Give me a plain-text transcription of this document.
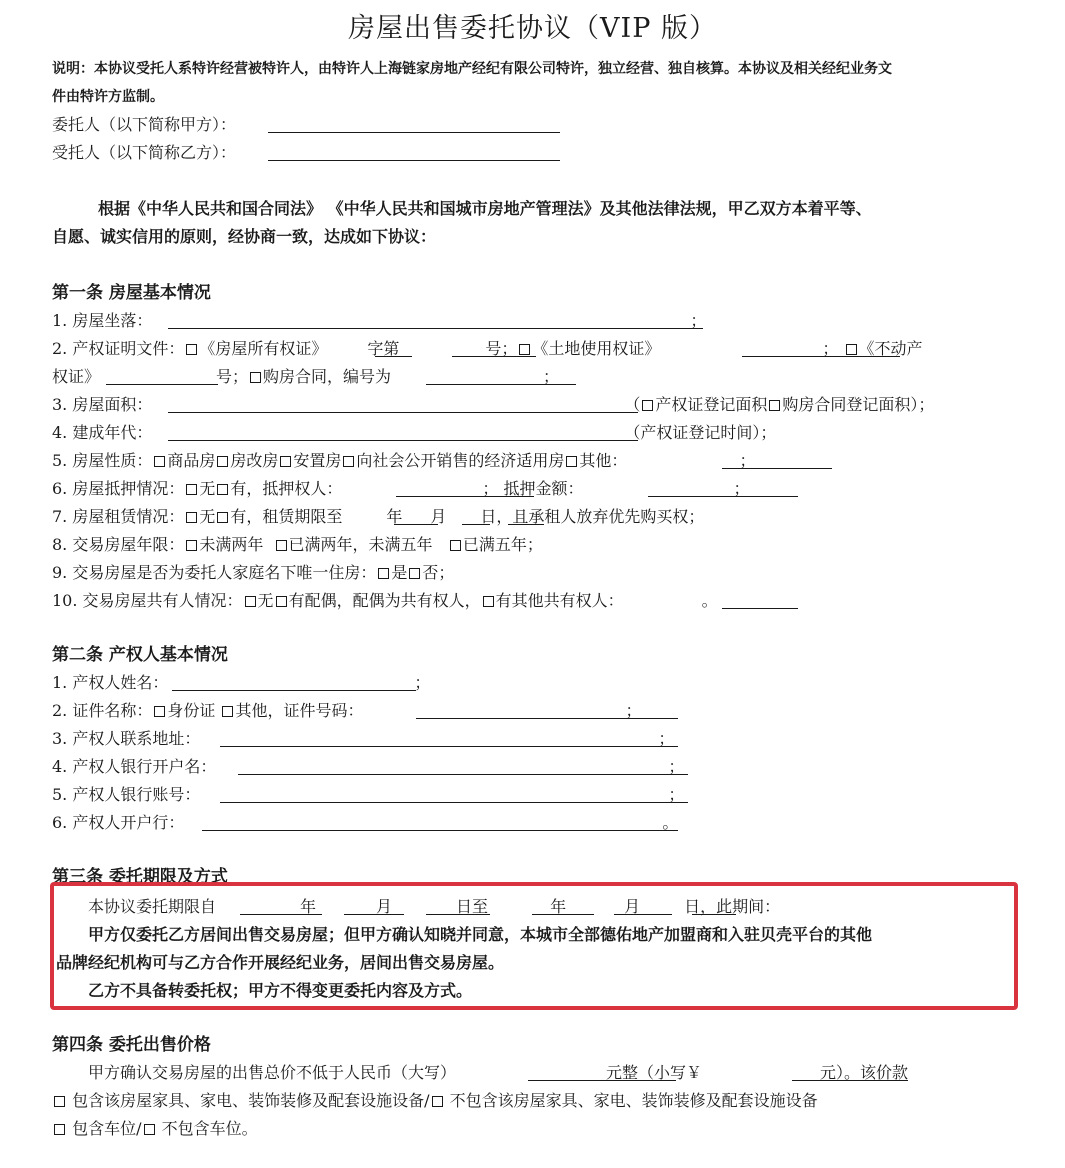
房屋出售委托协议（VIP 版）
说明：本协议受托人系特许经营被特许人，由特许人上海链家房地产经纪有限公司特许，独立经营、独自核算。本协议及相关经纪业务文
件由特许方监制。
委托人（以下简称甲方）：
受托人（以下简称乙方）：
根据《中华人民共和国合同法》 《中华人民共和国城市房地产管理法》及其他法律法规，甲乙双方本着平等、
自愿、诚实信用的原则，经协商一致，达成如下协议：
第一条 房屋基本情况
1. 房屋坐落：	；
2. 产权证明文件： 《房屋所有权证》	字第	号； 《土地使用权证》	； 《不动产
权证》	号； 购房合同，编号为	；
3. 房屋面积：	（ 产权证登记面积 购房合同登记面积）；
4. 建成年代：	（产权证登记时间）；
5. 房屋性质： 商品房 房改房 安置房 向社会公开销售的经济适用房 其他：	；
6. 房屋抵押情况： 无 有，抵押权人：	； 抵押金额：	；
7. 房屋租赁情况： 无 有，租赁期限至	年 月 日，且承租人放弃优先购买权；
8. 交易房屋年限： 未满两年 已满两年，未满五年 已满五年；
9. 交易房屋是否为委托人家庭名下唯一住房： 是 否；
10. 交易房屋共有人情况： 无 有配偶，配偶为共有权人， 有其他共有权人：	。
第二条 产权人基本情况
1. 产权人姓名：	；
2. 证件名称： 身份证 其他，证件号码：	；
3. 产权人联系地址：	；
4. 产权人银行开户名：	；
5. 产权人银行账号：	；
6. 产权人开户行：	。
第三条 委托期限及方式
本协议委托期限自	年	月	日至	年	月	日，此期间：
甲方仅委托乙方居间出售交易房屋；但甲方确认知晓并同意，本城市全部德佑地产加盟商和入驻贝壳平台的其他
品牌经纪机构可与乙方合作开展经纪业务，居间出售交易房屋。
乙方不具备转委托权；甲方不得变更委托内容及方式。
第四条 委托出售价格
甲方确认交易房屋的出售总价不低于人民币（大写）	元整（小写￥	元）。该价款
包含该房屋家具、家电、装饰装修及配套设施设备/ 不包含该房屋家具、家电、装饰装修及配套设施设备
包含车位/ 不包含车位。
